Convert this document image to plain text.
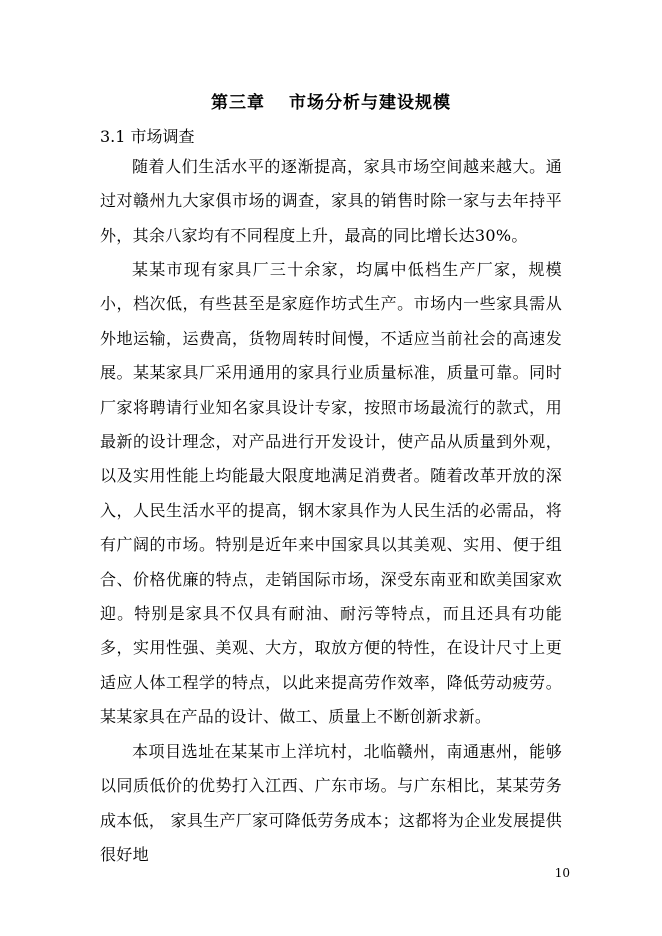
第三章 市场分析与建设规模
3.1 市场调查
随着人们生活水平的逐渐提高，家具市场空间越来越大。通过对赣州九大家俱市场的调查，家具的销售时除一家与去年持平外，其余八家均有不同程度上升，最高的同比增长达30%。
某某市现有家具厂三十余家，均属中低档生产厂家，规模小，档次低，有些甚至是家庭作坊式生产。市场内一些家具需从外地运输，运费高，货物周转时间慢，不适应当前社会的高速发展。某某家具厂采用通用的家具行业质量标准，质量可靠。同时厂家将聘请行业知名家具设计专家，按照市场最流行的款式，用最新的设计理念，对产品进行开发设计，使产品从质量到外观，以及实用性能上均能最大限度地满足消费者。随着改革开放的深入，人民生活水平的提高，钢木家具作为人民生活的必需品，将有广阔的市场。特别是近年来中国家具以其美观、实用、便于组合、价格优廉的特点，走销国际市场，深受东南亚和欧美国家欢迎。特别是家具不仅具有耐油、耐污等特点，而且还具有功能多，实用性强、美观、大方，取放方便的特性，在设计尺寸上更适应人体工程学的特点，以此来提高劳作效率，降低劳动疲劳。某某家具在产品的设计、做工、质量上不断创新求新。
本项目选址在某某市上洋坑村，北临赣州，南通惠州，能够以同质低价的优势打入江西、广东市场。与广东相比，某某劳务成本低， 家具生产厂家可降低劳务成本；这都将为企业发展提供很好地
10
